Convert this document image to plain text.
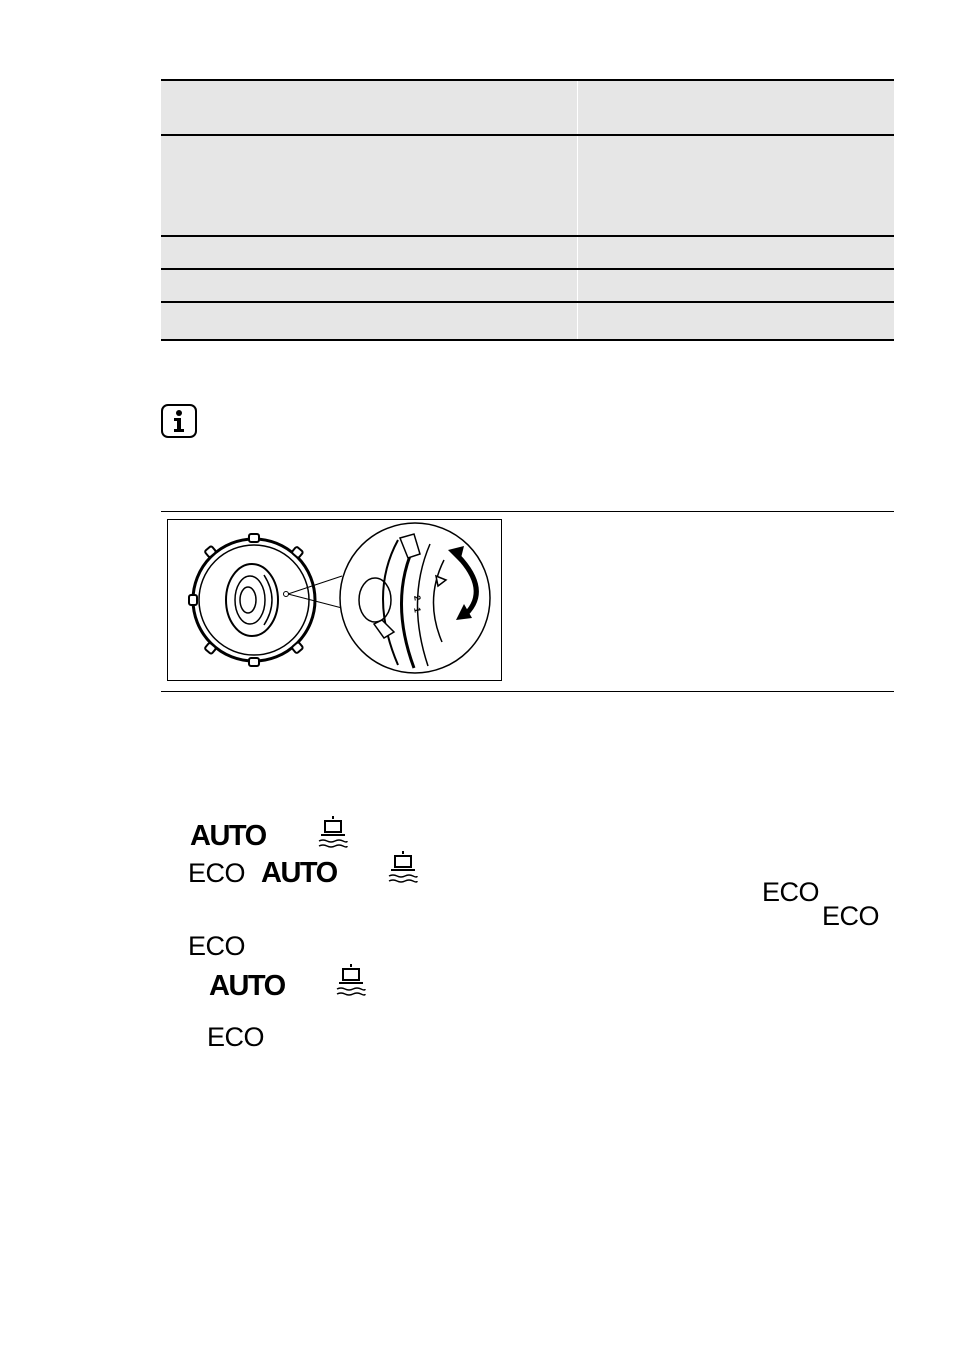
2
1
AUTO
ECO AUTO
ECO
ECO
ECO
AUTO
ECO
